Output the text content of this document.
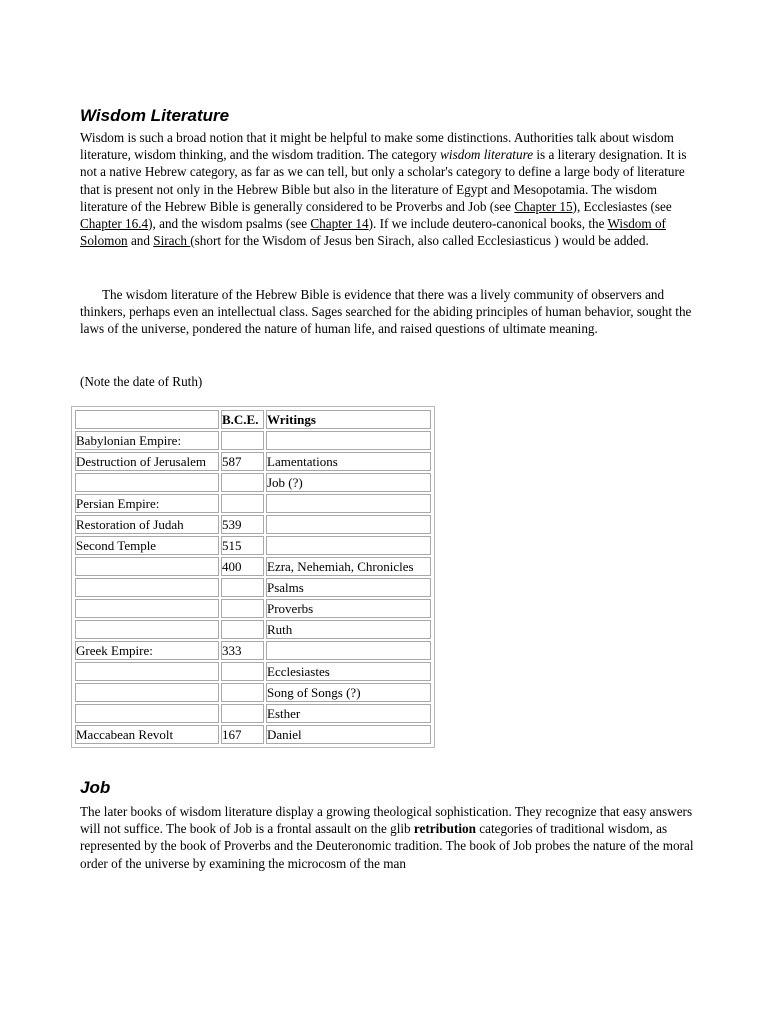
Wisdom Literature

Wisdom is such a broad notion that it might be helpful to make some distinctions. Authorities talk about wisdom literature, wisdom thinking, and the wisdom tradition. The category wisdom literature is a literary designation. It is not a native Hebrew category, as far as we can tell, but only a scholar's category to define a large body of literature that is present not only in the Hebrew Bible but also in the literature of Egypt and Mesopotamia. The wisdom literature of the Hebrew Bible is generally considered to be Proverbs and Job (see Chapter 15), Ecclesiastes (see Chapter 16.4), and the wisdom psalms (see Chapter 14). If we include deutero-canonical books, the Wisdom of Solomon and Sirach (short for the Wisdom of Jesus ben Sirach, also called Ecclesiasticus ) would be added.

The wisdom literature of the Hebrew Bible is evidence that there was a lively community of observers and thinkers, perhaps even an intellectual class. Sages searched for the abiding principles of human behavior, sought the laws of the universe, pondered the nature of human life, and raised questions of ultimate meaning.

(Note the date of Ruth)

	B.C.E.	Writings
Babylonian Empire:		
Destruction of Jerusalem	587	Lamentations
		Job (?)
Persian Empire:		
Restoration of Judah	539	
Second Temple	515	
	400	Ezra, Nehemiah, Chronicles
		Psalms
		Proverbs
		Ruth
Greek Empire:	333	
		Ecclesiastes
		Song of Songs (?)
		Esther
Maccabean Revolt	167	Daniel
Job

The later books of wisdom literature display a growing theological sophistication. They recognize that easy answers will not suffice. The book of Job is a frontal assault on the glib retribution categories of traditional wisdom, as represented by the book of Proverbs and the Deuteronomic tradition. The book of Job probes the nature of the moral order of the universe by examining the microcosm of the man
